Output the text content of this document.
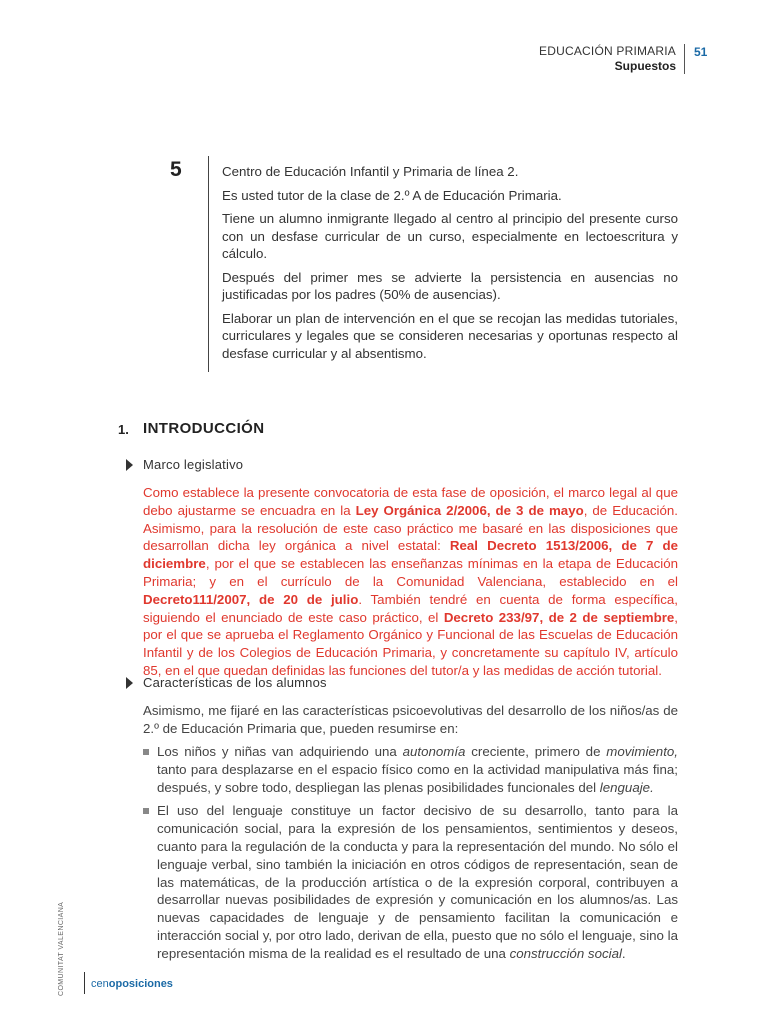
EDUCACIÓN PRIMARIA
Supuestos
51
5	Centro de Educación Infantil y Primaria de línea 2.

Es usted tutor de la clase de 2.º A de Educación Primaria.

Tiene un alumno inmigrante llegado al centro al principio del presente curso con un desfase curricular de un curso, especialmente en lectoescritura y cálculo.

Después del primer mes se advierte la persistencia en ausencias no justificadas por los padres (50% de ausencias).

Elaborar un plan de intervención en el que se recojan las medidas tutoriales, curriculares y legales que se consideren necesarias y oportunas respecto al desfase curricular y al absentismo.

1. INTRODUCCIÓN
Marco legislativo
Como establece la presente convocatoria de esta fase de oposición, el marco legal al que debo ajustarme se encuadra en la Ley Orgánica 2/2006, de 3 de mayo, de Educación. Asimismo, para la resolución de este caso práctico me basaré en las disposiciones que desarrollan dicha ley orgánica a nivel estatal: Real Decreto 1513/2006, de 7 de diciembre, por el que se establecen las enseñanzas mínimas en la etapa de Educación Primaria; y en el currículo de la Comunidad Valenciana, establecido en el Decreto111/2007, de 20 de julio. También tendré en cuenta de forma específica, siguiendo el enunciado de este caso práctico, el Decreto 233/97, de 2 de septiembre, por el que se aprueba el Reglamento Orgánico y Funcional de las Escuelas de Educación Infantil y de los Colegios de Educación Primaria, y concretamente su capítulo IV, artículo 85, en el que quedan definidas las funciones del tutor/a y las medidas de acción tutorial.
Características de los alumnos
Asimismo, me fijaré en las características psicoevolutivas del desarrollo de los niños/as de 2.º de Educación Primaria que, pueden resumirse en:
Los niños y niñas van adquiriendo una autonomía creciente, primero de movimiento, tanto para desplazarse en el espacio físico como en la actividad manipulativa más fina; después, y sobre todo, despliegan las plenas posibilidades funcionales del lenguaje.
El uso del lenguaje constituye un factor decisivo de su desarrollo, tanto para la comunicación social, para la expresión de los pensamientos, sentimientos y deseos, cuanto para la regulación de la conducta y para la representación del mundo. No sólo el lenguaje verbal, sino también la iniciación en otros códigos de representación, sean de las matemáticas, de la producción artística o de la expresión corporal, contribuyen a desarrollar nuevas posibilidades de expresión y comunicación en los alumnos/as. Las nuevas capacidades de lenguaje y de pensamiento facilitan la comunicación e interacción social y, por otro lado, derivan de ella, puesto que no sólo el lenguaje, sino la representación misma de la realidad es el resultado de una construcción social.
COMUNITAT VALENCIANA cenoposiciones
